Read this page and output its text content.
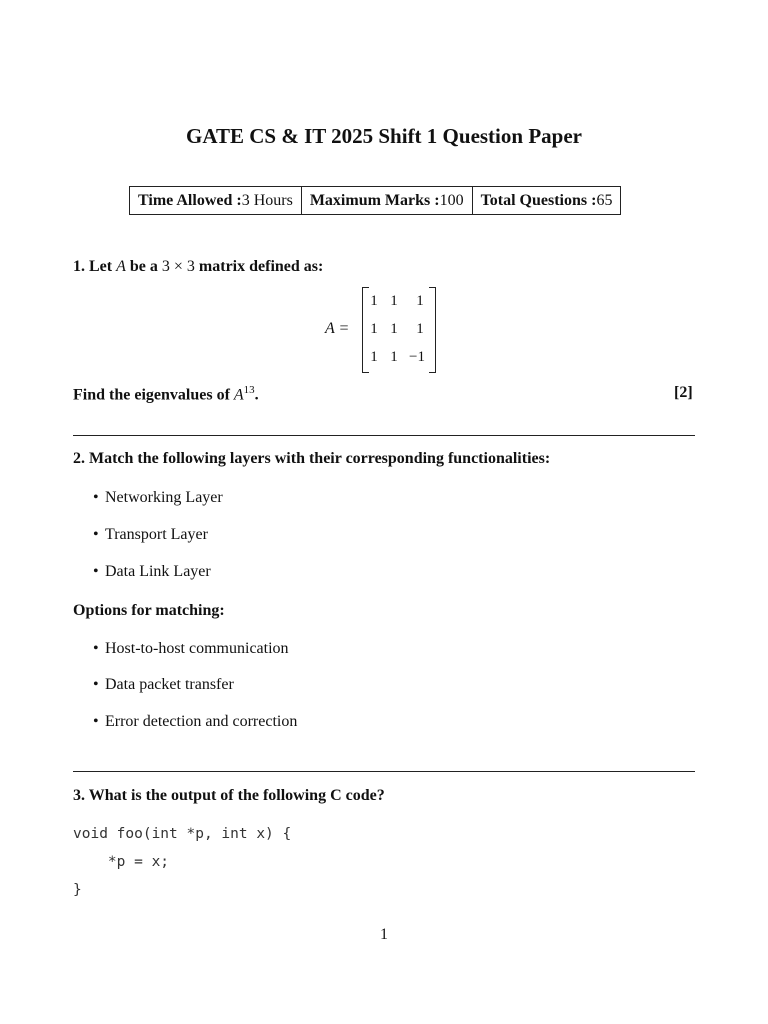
GATE CS & IT 2025 Shift 1 Question Paper
Time Allowed :3 Hours	Maximum Marks :100	Total Questions :65
1. Let A be a 3 × 3 matrix defined as:
A =
1 1	1
1 1	1
1 1 −1
Find the eigenvalues of $A^{13}$.	[2]
2. Match the following layers with their corresponding functionalities:
• Networking Layer
• Transport Layer
• Data Link Layer
Options for matching:
• Host-to-host communication
• Data packet transfer
• Error detection and correction
3. What is the output of the following C code?
void foo(int *p, int x) {
*p = x;
}
1
